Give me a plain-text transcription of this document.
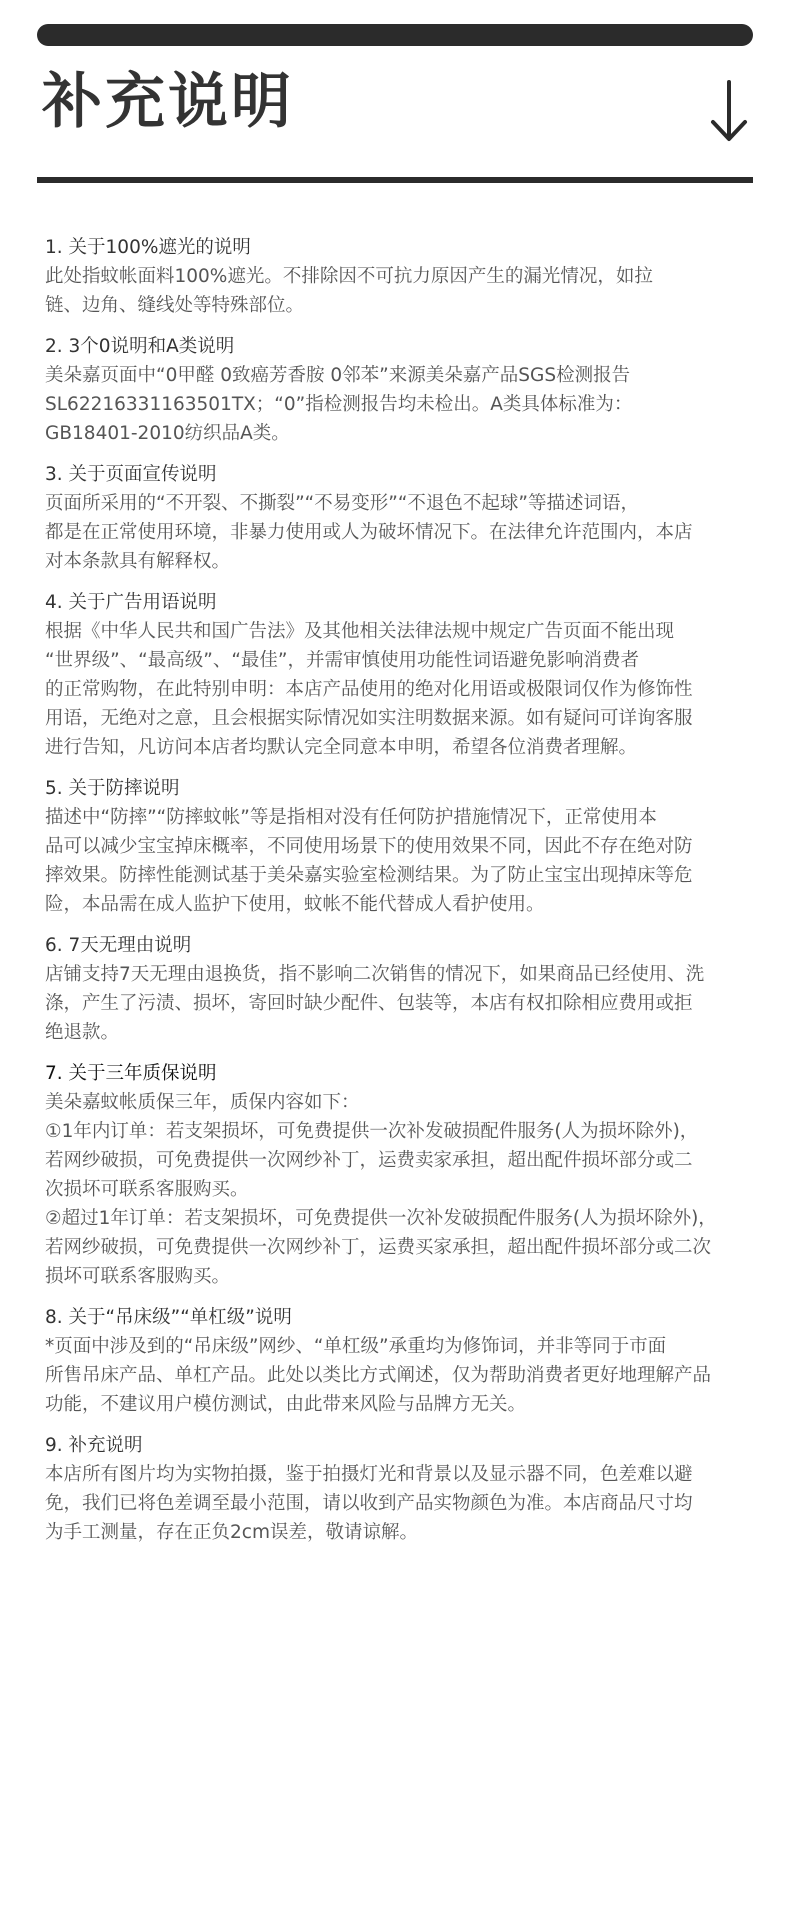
补充说明

1. 关于100%遮光的说明

此处指蚊帐面料100%遮光。不排除因不可抗力原因产生的漏光情况，如拉

链、边角、缝线处等特殊部位。

2. 3个0说明和A类说明

美朵嘉页面中“0甲醛 0致癌芳香胺 0邻苯”来源美朵嘉产品SGS检测报告

SL62216331163501TX；“0”指检测报告均未检出。A类具体标准为：

GB18401-2010纺织品A类。

3. 关于页面宣传说明

页面所采用的“不开裂、不撕裂”“不易变形”“不退色不起球”等描述词语，

都是在正常使用环境，非暴力使用或人为破坏情况下。在法律允许范围内，本店

对本条款具有解释权。

4. 关于广告用语说明

根据《中华人民共和国广告法》及其他相关法律法规中规定广告页面不能出现

“世界级”、“最高级”、“最佳”，并需审慎使用功能性词语避免影响消费者

的正常购物，在此特别申明：本店产品使用的绝对化用语或极限词仅作为修饰性

用语，无绝对之意，且会根据实际情况如实注明数据来源。如有疑问可详询客服

进行告知，凡访问本店者均默认完全同意本申明，希望各位消费者理解。

5. 关于防摔说明

描述中“防摔”“防摔蚊帐”等是指相对没有任何防护措施情况下，正常使用本

品可以减少宝宝掉床概率，不同使用场景下的使用效果不同，因此不存在绝对防

摔效果。防摔性能测试基于美朵嘉实验室检测结果。为了防止宝宝出现掉床等危

险，本品需在成人监护下使用，蚊帐不能代替成人看护使用。

6. 7天无理由说明

店铺支持7天无理由退换货，指不影响二次销售的情况下，如果商品已经使用、洗

涤，产生了污渍、损坏，寄回时缺少配件、包装等，本店有权扣除相应费用或拒

绝退款。

7. 关于三年质保说明

美朵嘉蚊帐质保三年，质保内容如下：

①1年内订单：若支架损坏，可免费提供一次补发破损配件服务(人为损坏除外)，

若网纱破损，可免费提供一次网纱补丁，运费卖家承担，超出配件损坏部分或二

次损坏可联系客服购买。

②超过1年订单：若支架损坏，可免费提供一次补发破损配件服务(人为损坏除外)，

若网纱破损，可免费提供一次网纱补丁，运费买家承担，超出配件损坏部分或二次

损坏可联系客服购买。

8. 关于“吊床级”“单杠级”说明

*页面中涉及到的“吊床级”网纱、“单杠级”承重均为修饰词，并非等同于市面

所售吊床产品、单杠产品。此处以类比方式阐述，仅为帮助消费者更好地理解产品

功能，不建议用户模仿测试，由此带来风险与品牌方无关。

9. 补充说明

本店所有图片均为实物拍摄，鉴于拍摄灯光和背景以及显示器不同，色差难以避

免，我们已将色差调至最小范围，请以收到产品实物颜色为准。本店商品尺寸均

为手工测量，存在正负2cm误差，敬请谅解。
